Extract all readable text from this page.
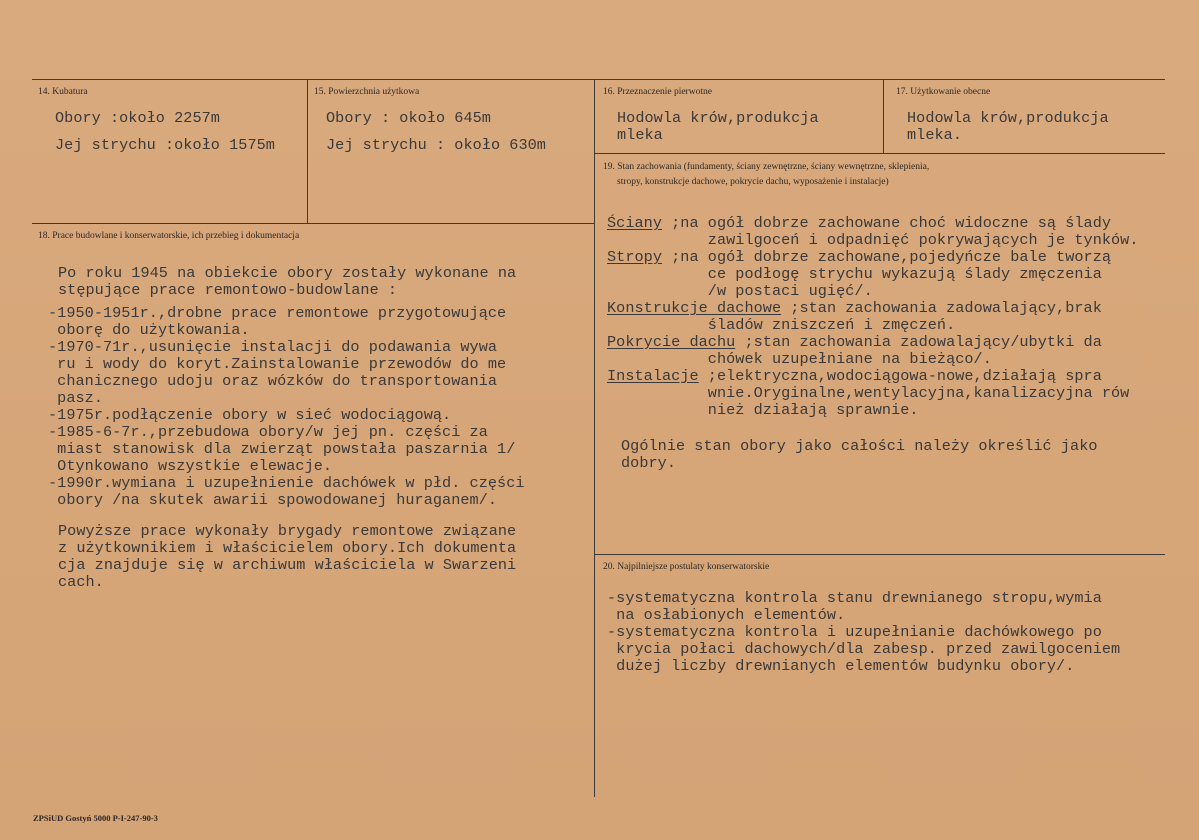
14. Kubatura
Obory :około 2257m
Jej strychu :około 1575m
15. Powierzchnia użytkowa
Obory : około 645m
Jej strychu : około 630m
16. Przeznaczenie pierwotne
Hodowla krów,produkcja
mleka
17. Użytkowanie obecne
Hodowla krów,produkcja
mleka.
18. Prace budowlane i konserwatorskie, ich przebieg i dokumentacja
Po roku 1945 na obiekcie obory zostały wykonane na
stępujące prace remontowo-budowlane :
-1950-1951r.,drobne prace remontowe przygotowujące
oborę do użytkowania.
-1970-71r.,usunięcie instalacji do podawania wywa
ru i wody do koryt.Zainstalowanie przewodów do me
chanicznego udoju oraz wózków do transportowania
pasz.
-1975r.podłączenie obory w sieć wodociągową.
-1985-6-7r.,przebudowa obory/w jej pn. części za
miast stanowisk dla zwierząt powstała paszarnia 1/
Otynkowano wszystkie elewacje.
-1990r.wymiana i uzupełnienie dachówek w płd. części
obory /na skutek awarii spowodowanej huraganem/.
Powyższe prace wykonały brygady remontowe związane
z użytkownikiem i właścicielem obory.Ich dokumenta
cja znajduje się w archiwum właściciela w Swarzeni
cach.
19. Stan zachowania (fundamenty, ściany zewnętrzne, ściany wewnętrzne, sklepienia,
stropy, konstrukcje dachowe, pokrycie dachu, wyposażenie i instalacje)
Ściany ;na ogół dobrze zachowane choć widoczne są ślady
zawilgoceń i odpadnięć pokrywających je tynków.
Stropy ;na ogół dobrze zachowane,pojedyńcze bale tworzą
ce podłogę strychu wykazują ślady zmęczenia
/w postaci ugięć/.
Konstrukcje dachowe ;stan zachowania zadowalający,brak
śladów zniszczeń i zmęczeń.
Pokrycie dachu ;stan zachowania zadowalający/ubytki da
chówek uzupełniane na bieżąco/.
Instalacje ;elektryczna,wodociągowa-nowe,działają spra
wnie.Oryginalne,wentylacyjna,kanalizacyjna rów
nież działają sprawnie.
Ogólnie stan obory jako całości należy określić jako
dobry.
20. Najpilniejsze postulaty konserwatorskie
-systematyczna kontrola stanu drewnianego stropu,wymia
na osłabionych elementów.
-systematyczna kontrola i uzupełnianie dachówkowego po
krycia połaci dachowych/dla zabesp. przed zawilgoceniem
dużej liczby drewnianych elementów budynku obory/.
ZPSiUD Gostyń 5000 P-I-247-90-3
